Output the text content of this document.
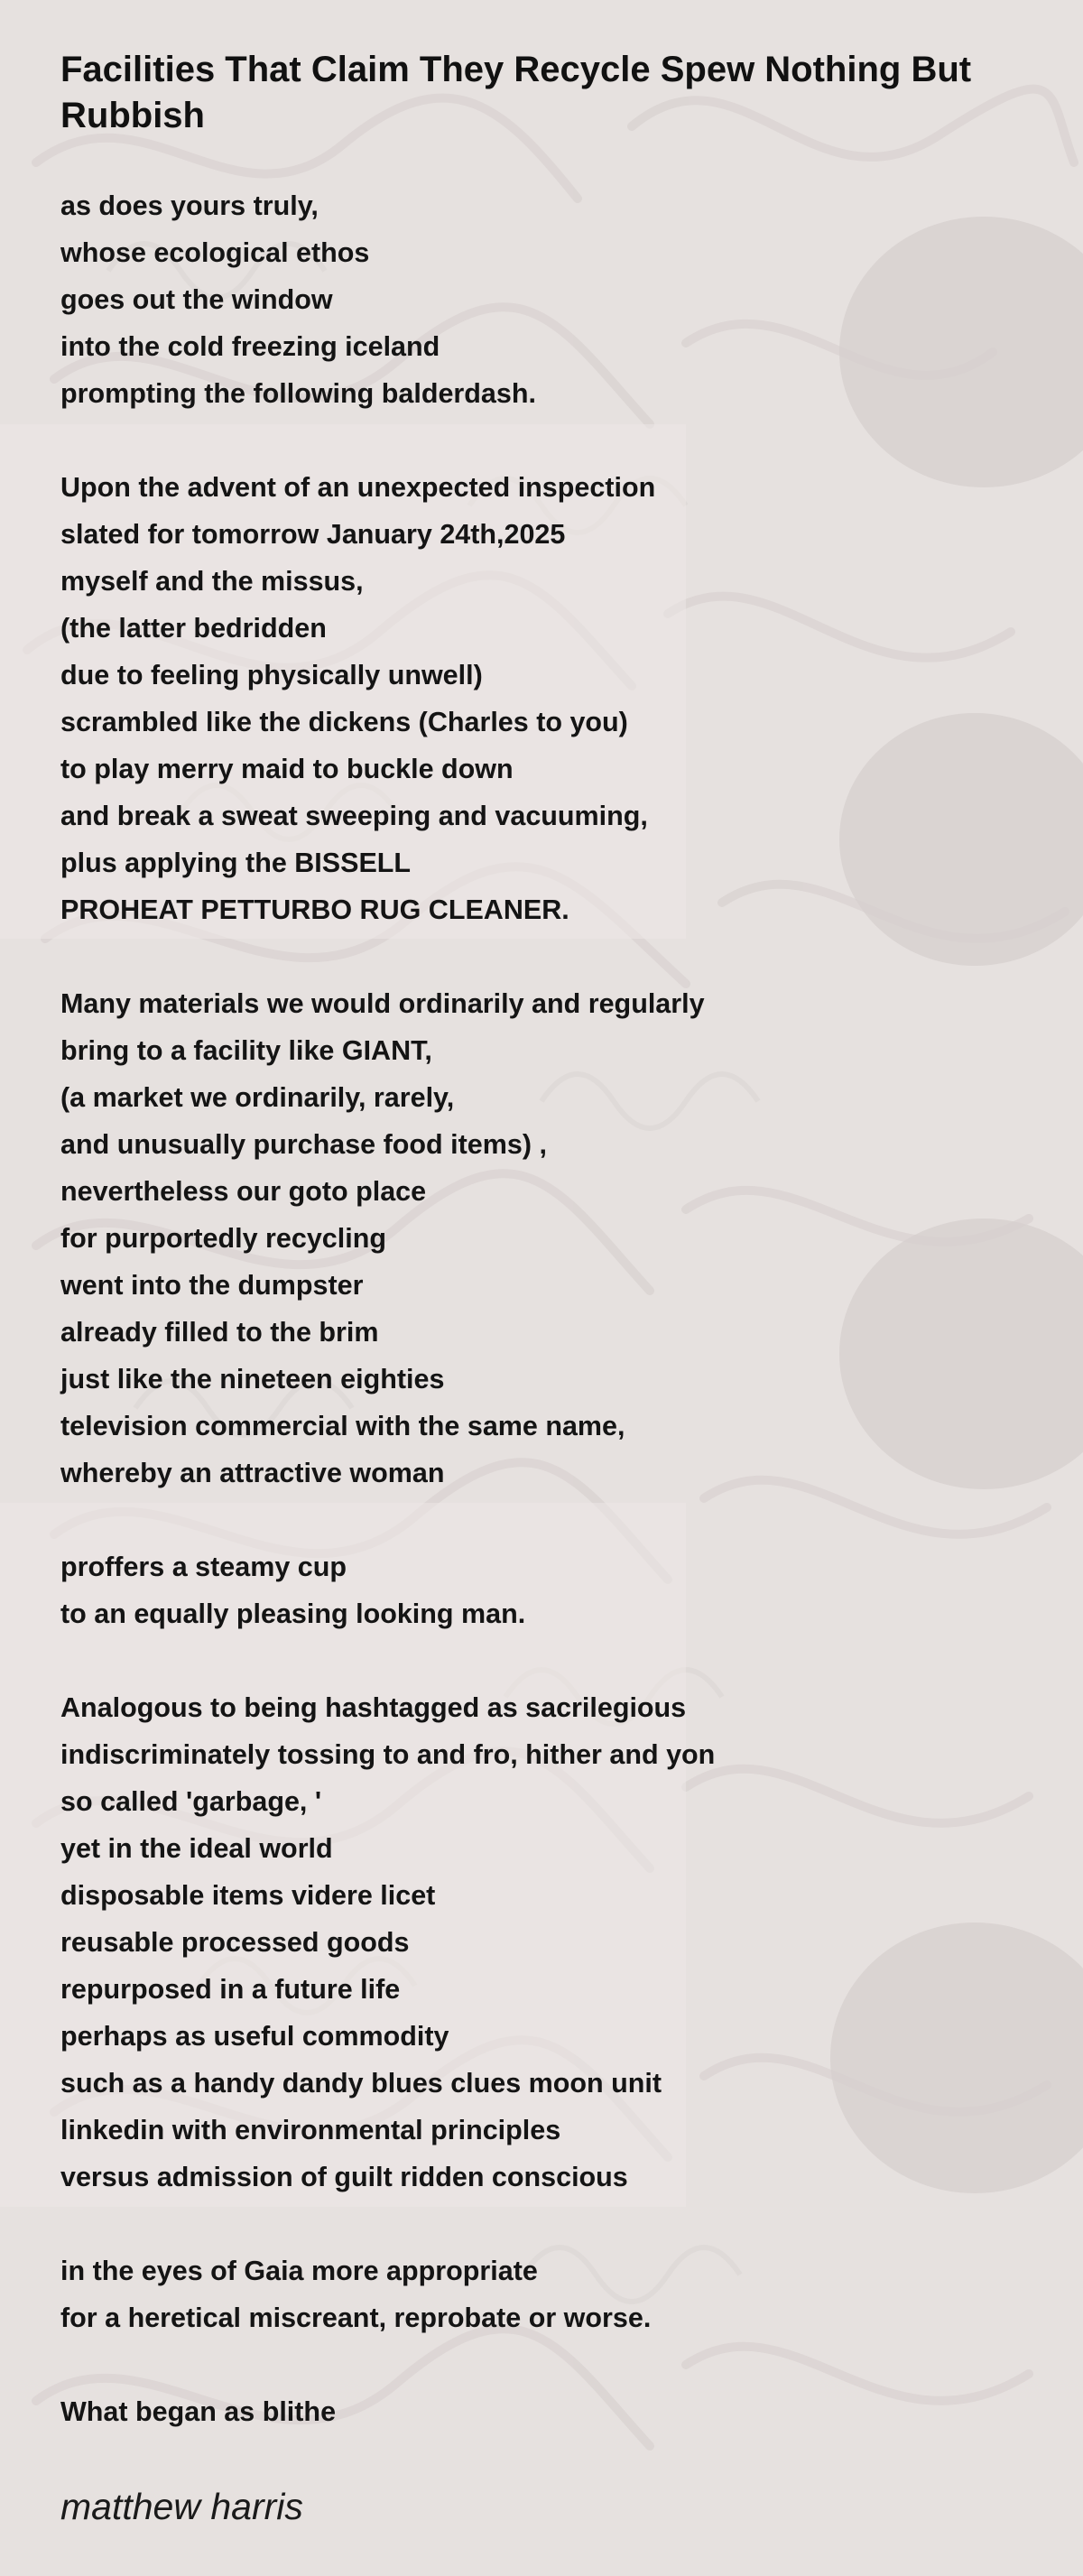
Facilities That Claim They Recycle Spew Nothing But Rubbish
as does yours truly,
whose ecological ethos
goes out the window
into the cold freezing iceland
prompting the following balderdash.
Upon the advent of an unexpected inspection
slated for tomorrow January 24th,2025
myself and the missus,
(the latter bedridden
due to feeling physically unwell)
scrambled like the dickens (Charles to you)
to play merry maid to buckle down
and break a sweat sweeping and vacuuming,
plus applying the BISSELL
PROHEAT PETTURBO RUG CLEANER.
Many materials we would ordinarily and regularly
bring to a facility like GIANT,
(a market we ordinarily, rarely,
and unusually purchase food items) ,
nevertheless our goto place
for purportedly recycling
went into the dumpster
already filled to the brim
just like the nineteen eighties
television commercial with the same name,
whereby an attractive woman
proffers a steamy cup
to an equally pleasing looking man.
Analogous to being hashtagged as sacrilegious
indiscriminately tossing to and fro, hither and yon
so called 'garbage, '
yet in the ideal world
disposable items videre licet
reusable processed goods
repurposed in a future life
perhaps as useful commodity
such as a handy dandy blues clues moon unit
linkedin with environmental principles
versus admission of guilt ridden conscious
in the eyes of Gaia more appropriate
for a heretical miscreant, reprobate or worse.
What began as blithe
matthew harris
